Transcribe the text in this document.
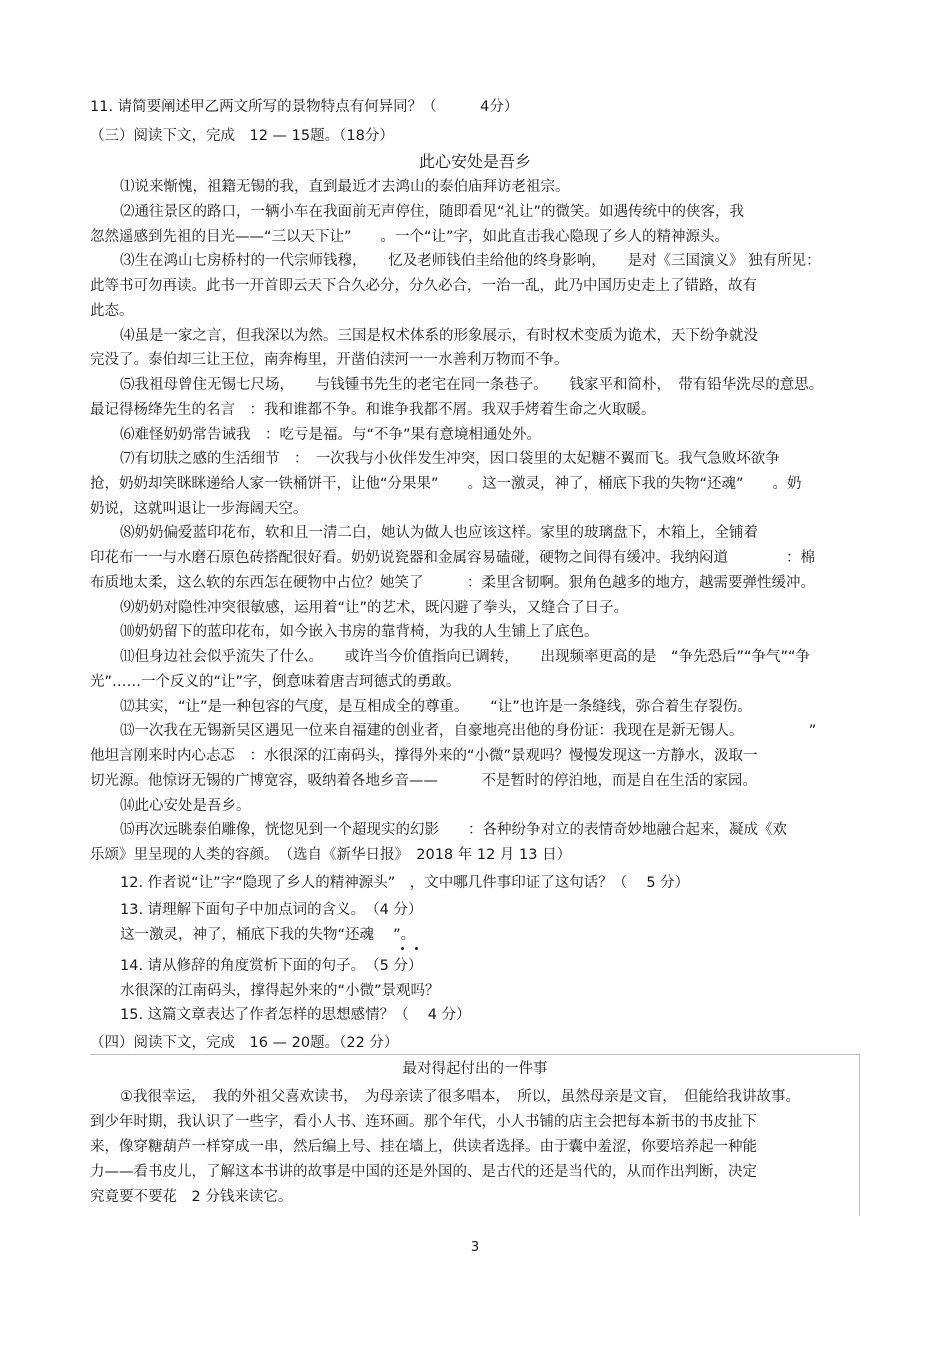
11. 请简要阐述甲乙两文所写的景物特点有何异同？（　　　4分）
（三）阅读下文，完成　12 — 15题。（18分）
此心安处是吾乡
⑴说来惭愧，祖籍无锡的我，直到最近才去鸿山的泰伯庙拜访老祖宗。
⑵通往景区的路口，一辆小车在我面前无声停住，随即看见“礼让”的微笑。如遇传统中的侠客，我
忽然遥感到先祖的目光——“三以天下让”　　。一个“让”字，如此直击我心隐现了乡人的精神源头。
⑶生在鸿山七房桥村的一代宗师钱穆，　　忆及老师钱伯圭给他的终身影响，　　是对《三国演义》 独有所见：
此等书可勿再读。此书一开首即云天下合久必分，分久必合，一治一乱，此乃中国历史走上了错路，故有
此态。
⑷虽是一家之言，但我深以为然。三国是权术体系的形象展示，有时权术变质为诡术，天下纷争就没
完没了。泰伯却三让王位，南奔梅里，开凿伯渎河一一水善利万物而不争。
⑸我祖母曾住无锡七尺场，　　与钱锺书先生的老宅在同一条巷子。　　钱家平和简朴，　带有铅华洗尽的意思。
最记得杨绛先生的名言　：我和谁都不争。和谁争我都不屑。我双手烤着生命之火取暖。
⑹难怪奶奶常告诫我　：吃亏是福。与“不争”果有意境相通处外。
⑺有切肤之感的生活细节　：　一次我与小伙伴发生冲突，因口袋里的太妃糖不翼而飞。我气急败坏欲争
抢，奶奶却笑眯眯递给人家一铁桶饼干，让他“分果果”　　。这一激灵，神了，桶底下我的失物“还魂”　　。奶
奶说，这就叫退让一步海阔天空。
⑻奶奶偏爱蓝印花布，软和且一清二白，她认为做人也应该这样。家里的玻璃盘下，木箱上，全铺着
印花布一一与水磨石原色砖搭配很好看。奶奶说瓷器和金属容易磕碰，硬物之间得有缓冲。我纳闷道　　　　：棉
布质地太柔，这么软的东西怎在硬物中占位？她笑了　　　：柔里含韧啊。狠角色越多的地方，越需要弹性缓冲。
⑼奶奶对隐性冲突很敏感，运用着“让”的艺术，既闪避了拳头，又缝合了日子。
⑽奶奶留下的蓝印花布，如今嵌入书房的靠背椅，为我的人生铺上了底色。
⑾但身边社会似乎流失了什么。　　或许当今价值指向已调转，　　出现频率更高的是　“争先恐后”“争气”“争
光”……一个反义的“让”字，倒意味着唐吉珂德式的勇敢。
⑿其实，“让”是一种包容的气度，是互相成全的尊重。　　“让”也许是一条缝线，弥合着生存裂伤。
⒀一次我在无锡新吴区遇见一位来自福建的创业者，自豪地亮出他的身份证：我现在是新无锡人。　　　　　”
他坦言刚来时内心忐忑　：水很深的江南码头，撑得外来的“小微”景观吗？慢慢发现这一方静水，汲取一
切光源。他惊讶无锡的广博宽容，吸纳着各地乡音——　　　不是暂时的停泊地，而是自在生活的家园。
⒁此心安处是吾乡。
⒂再次远眺泰伯雕像，恍惚见到一个超现实的幻影　　：各种纷争对立的表情奇妙地融合起来，凝成《欢
乐颂》里呈现的人类的容颜。　（选自《新华日报》　2018 年 12 月 13 日）
12. 作者说“让”字“隐现了乡人的精神源头”　，文中哪几件事印证了这句话？（　 5 分）
13. 请理解下面句子中加点词的含义。　（4 分）
这一激灵，神了，桶底下我的失物“还魂　 ”。
14. 请从修辞的角度赏析下面的句子。　（5 分）
水很深的江南码头，撑得起外来的“小微”景观吗？
15. 这篇文章表达了作者怎样的思想感情？（　 4 分）
（四）阅读下文，完成　16 — 20题。（22 分）
最对得起付出的一件事
①我很幸运，　我的外祖父喜欢读书，　为母亲读了很多唱本，　所以，虽然母亲是文盲，　但能给我讲故事。
到少年时期，我认识了一些字，看小人书、连环画。那个年代，小人书铺的店主会把每本新书的书皮扯下
来，像穿糖葫芦一样穿成一串，然后编上号、挂在墙上，供读者选择。由于囊中羞涩，你要培养起一种能
力——看书皮儿，了解这本书讲的故事是中国的还是外国的、是古代的还是当代的，从而作出判断，决定
究竟要不要花　2 分钱来读它。
3
